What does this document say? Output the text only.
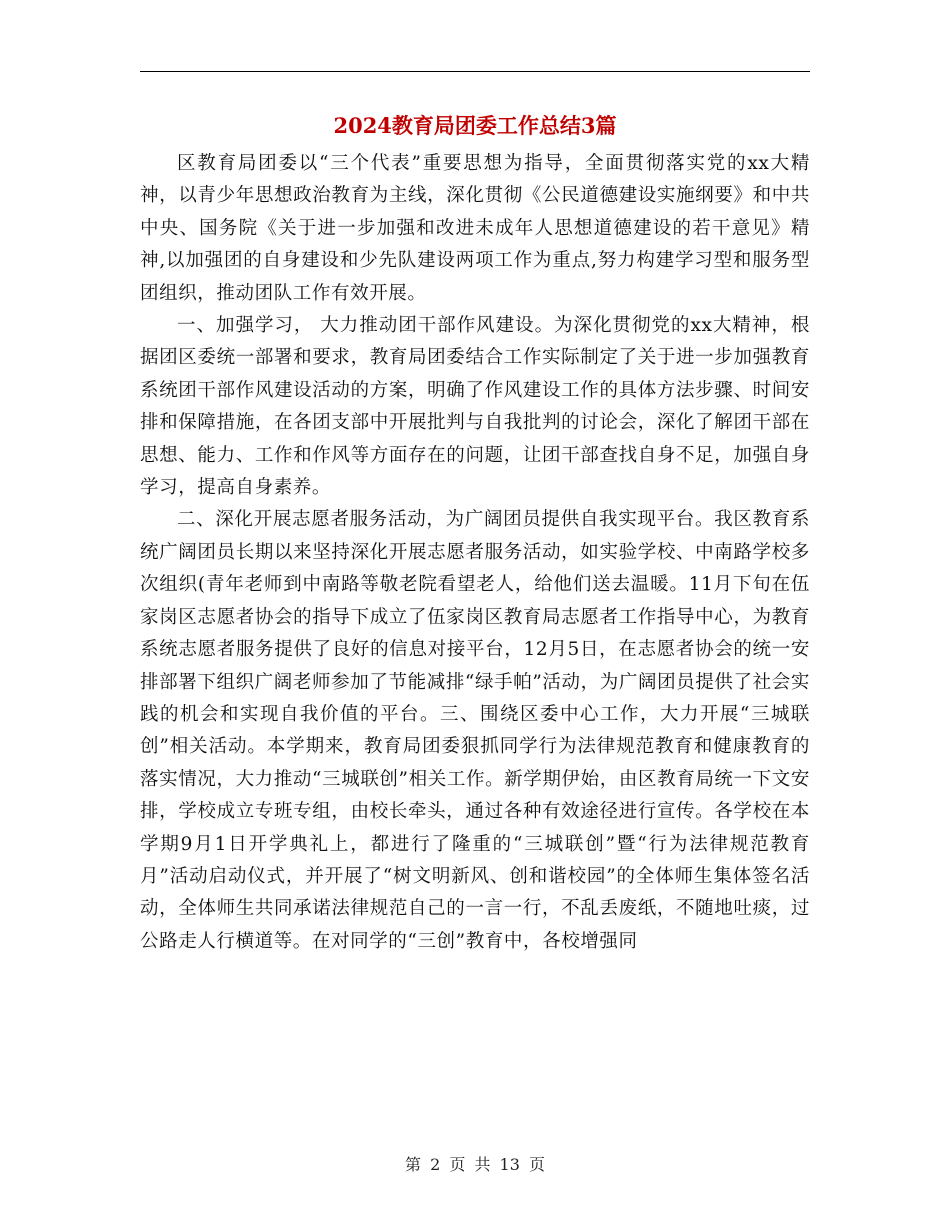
2024教育局团委工作总结3篇

区教育局团委以“三个代表”重要思想为指导，全面贯彻落实党的xx大精神，以青少年思想政治教育为主线，深化贯彻《公民道德建设实施纲要》和中共中央、国务院《关于进一步加强和改进未成年人思想道德建设的若干意见》精神,以加强团的自身建设和少先队建设两项工作为重点,努力构建学习型和服务型团组织，推动团队工作有效开展。

一、加强学习， 大力推动团干部作风建设。为深化贯彻党的xx大精神，根据团区委统一部署和要求，教育局团委结合工作实际制定了关于进一步加强教育系统团干部作风建设活动的方案，明确了作风建设工作的具体方法步骤、时间安排和保障措施，在各团支部中开展批判与自我批判的讨论会，深化了解团干部在思想、能力、工作和作风等方面存在的问题，让团干部查找自身不足，加强自身学习，提高自身素养。

二、深化开展志愿者服务活动，为广阔团员提供自我实现平台。我区教育系统广阔团员长期以来坚持深化开展志愿者服务活动，如实验学校、中南路学校多次组织(青年老师到中南路等敬老院看望老人，给他们送去温暖。11月下旬在伍家岗区志愿者协会的指导下成立了伍家岗区教育局志愿者工作指导中心，为教育系统志愿者服务提供了良好的信息对接平台，12月5日，在志愿者协会的统一安排部署下组织广阔老师参加了节能减排“绿手帕”活动，为广阔团员提供了社会实践的机会和实现自我价值的平台。三、围绕区委中心工作，大力开展“三城联创”相关活动。本学期来，教育局团委狠抓同学行为法律规范教育和健康教育的落实情况，大力推动“三城联创”相关工作。新学期伊始，由区教育局统一下文安排，学校成立专班专组，由校长牵头，通过各种有效途径进行宣传。各学校在本学期9月1日开学典礼上，都进行了隆重的“三城联创”暨“行为法律规范教育月”活动启动仪式，并开展了“树文明新风、创和谐校园”的全体师生集体签名活动，全体师生共同承诺法律规范自己的一言一行，不乱丢废纸，不随地吐痰，过公路走人行横道等。在对同学的“三创”教育中，各校增强同

第 2 页 共 13 页
